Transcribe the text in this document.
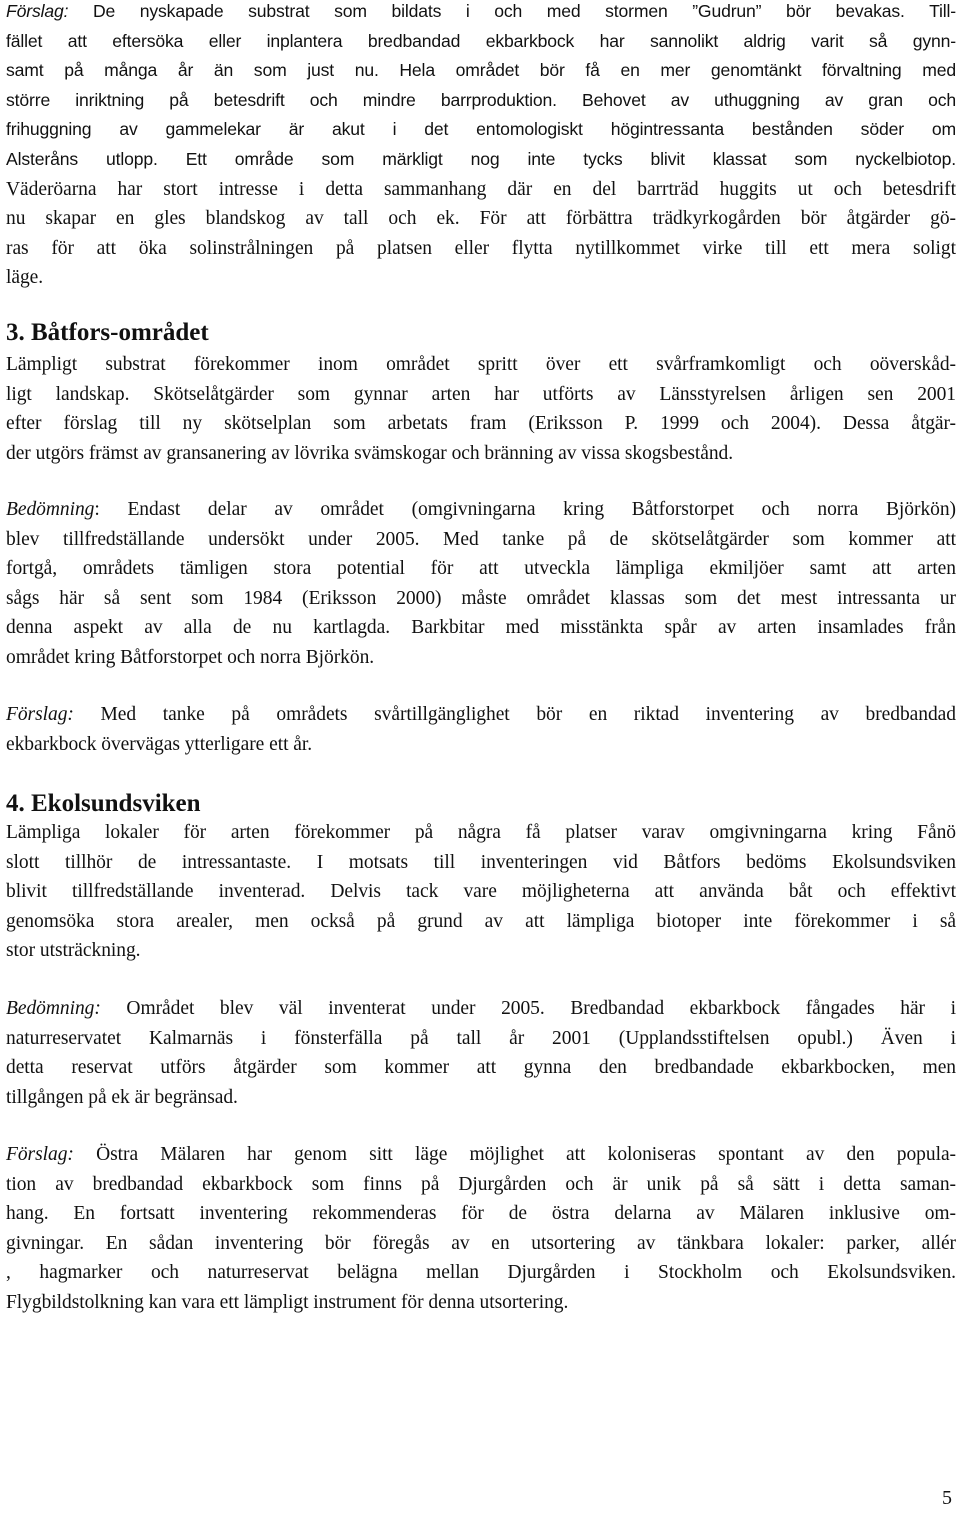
Förslag: De nyskapade substrat som bildats i och med stormen ”Gudrun” bör bevakas. Till-
fället att eftersöka eller inplantera bredbandad ekbarkbock har sannolikt aldrig varit så gynn-
samt på många år än som just nu. Hela området bör få en mer genomtänkt förvaltning med
större inriktning på betesdrift och mindre barrproduktion. Behovet av uthuggning av gran och
frihuggning av gammelekar är akut i det entomologiskt högintressanta bestånden söder om
Alsteråns utlopp. Ett område som märkligt nog inte tycks blivit klassat som nyckelbiotop.
Väderöarna har stort intresse i detta sammanhang där en del barrträd huggits ut och betesdrift
nu skapar en gles blandskog av tall och ek. För att förbättra trädkyrkogården bör åtgärder gö-
ras för att öka solinstrålningen på platsen eller flytta nytillkommet virke till ett mera soligt
läge.
3. Båtfors-området
Lämpligt substrat förekommer inom området spritt över ett svårframkomligt och oöverskåd-
ligt landskap. Skötselåtgärder som gynnar arten har utförts av Länsstyrelsen årligen sen 2001
efter förslag till ny skötselplan som arbetats fram (Eriksson P. 1999 och 2004). Dessa åtgär-
der utgörs främst av gransanering av lövrika svämskogar och bränning av vissa skogsbestånd.
Bedömning: Endast delar av området (omgivningarna kring Båtforstorpet och norra Björkön)
blev tillfredställande undersökt under 2005. Med tanke på de skötselåtgärder som kommer att
fortgå, områdets tämligen stora potential för att utveckla lämpliga ekmiljöer samt att arten
sågs här så sent som 1984 (Eriksson 2000) måste området klassas som det mest intressanta ur
denna aspekt av alla de nu kartlagda. Barkbitar med misstänkta spår av arten insamlades från
området kring Båtforstorpet och norra Björkön.
Förslag: Med tanke på områdets svårtillgänglighet bör en riktad inventering av bredbandad
ekbarkbock övervägas ytterligare ett år.
4. Ekolsundsviken
Lämpliga lokaler för arten förekommer på några få platser varav omgivningarna kring Fånö
slott tillhör de intressantaste. I motsats till inventeringen vid Båtfors bedöms Ekolsundsviken
blivit tillfredställande inventerad. Delvis tack vare möjligheterna att använda båt och effektivt
genomsöka stora arealer, men också på grund av att lämpliga biotoper inte förekommer i så
stor utsträckning.
Bedömning: Området blev väl inventerat under 2005. Bredbandad ekbarkbock fångades här i
naturreservatet Kalmarnäs i fönsterfälla på tall år 2001 (Upplandsstiftelsen opubl.) Även i
detta reservat utförs åtgärder som kommer att gynna den bredbandade ekbarkbocken, men
tillgången på ek är begränsad.
Förslag: Östra Mälaren har genom sitt läge möjlighet att koloniseras spontant av den popula-
tion av bredbandad ekbarkbock som finns på Djurgården och är unik på så sätt i detta saman-
hang. En fortsatt inventering rekommenderas för de östra delarna av Mälaren inklusive om-
givningar. En sådan inventering bör föregås av en utsortering av tänkbara lokaler: parker, allér
, hagmarker och naturreservat belägna mellan Djurgården i Stockholm och Ekolsundsviken.
Flygbildstolkning kan vara ett lämpligt instrument för denna utsortering.
5
